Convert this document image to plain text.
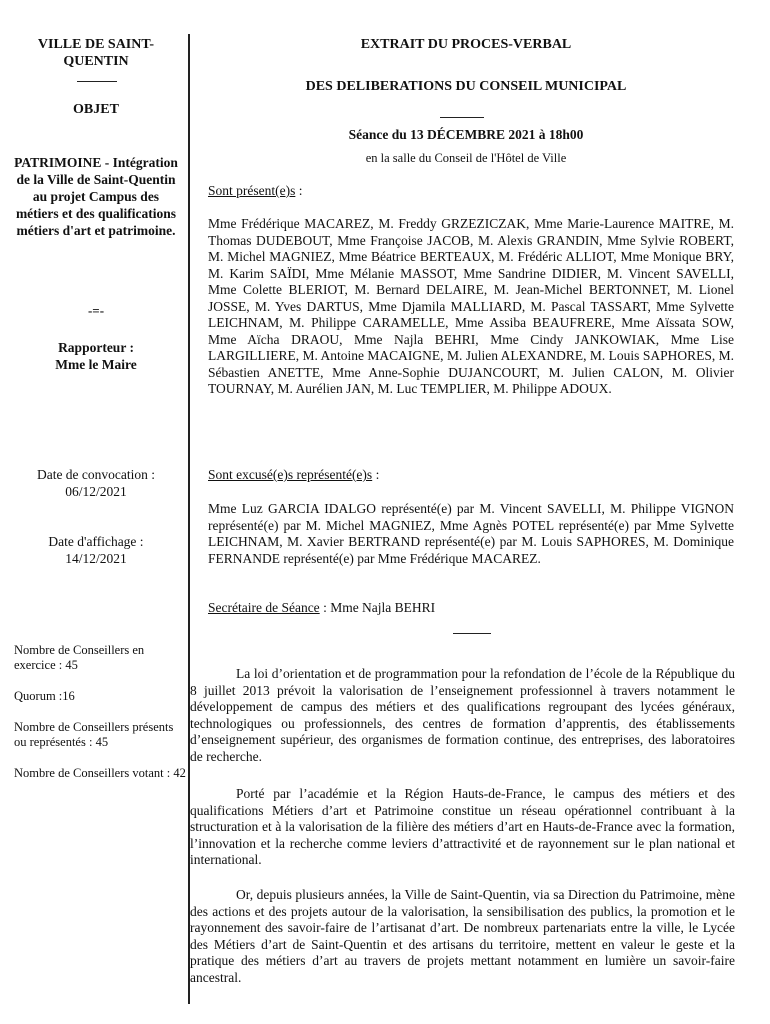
VILLE DE SAINT-QUENTIN
OBJET
PATRIMOINE - Intégration de la Ville de Saint-Quentin au projet Campus des métiers et des qualifications métiers d'art et patrimoine.
-=-
Rapporteur :
Mme le Maire
Date de convocation :
06/12/2021
Date d'affichage :
14/12/2021
Nombre de Conseillers en exercice : 45
Quorum :16
Nombre de Conseillers présents ou représentés : 45
Nombre de Conseillers votant : 42
EXTRAIT DU PROCES-VERBAL
DES DELIBERATIONS DU CONSEIL MUNICIPAL
Séance du 13 DÉCEMBRE 2021 à 18h00
en la salle du Conseil de l'Hôtel de Ville
Sont présent(e)s :
Mme Frédérique MACAREZ, M. Freddy GRZEZICZAK, Mme Marie-Laurence MAITRE, M. Thomas DUDEBOUT, Mme Françoise JACOB, M. Alexis GRANDIN, Mme Sylvie ROBERT, M. Michel MAGNIEZ, Mme Béatrice BERTEAUX, M. Frédéric ALLIOT, Mme Monique BRY, M. Karim SAÏDI, Mme Mélanie MASSOT, Mme Sandrine DIDIER, M. Vincent SAVELLI, Mme Colette BLERIOT, M. Bernard DELAIRE, M. Jean-Michel BERTONNET, M. Lionel JOSSE, M. Yves DARTUS, Mme Djamila MALLIARD, M. Pascal TASSART, Mme Sylvette LEICHNAM, M. Philippe CARAMELLE, Mme Assiba BEAUFRERE, Mme Aïssata SOW, Mme Aïcha DRAOU, Mme Najla BEHRI, Mme Cindy JANKOWIAK, Mme Lise LARGILLIERE, M. Antoine MACAIGNE, M. Julien ALEXANDRE, M. Louis SAPHORES, M. Sébastien ANETTE, Mme Anne-Sophie DUJANCOURT, M. Julien CALON, M. Olivier TOURNAY, M. Aurélien JAN, M. Luc TEMPLIER, M. Philippe ADOUX.
Sont excusé(e)s représenté(e)s :
Mme Luz GARCIA IDALGO représenté(e) par M. Vincent SAVELLI, M. Philippe VIGNON représenté(e) par M. Michel MAGNIEZ, Mme Agnès POTEL représenté(e) par Mme Sylvette LEICHNAM, M. Xavier BERTRAND représenté(e) par M. Louis SAPHORES, M. Dominique FERNANDE représenté(e) par Mme Frédérique MACAREZ.
Secrétaire de Séance : Mme Najla BEHRI
La loi d’orientation et de programmation pour la refondation de l’école de la République du 8 juillet 2013 prévoit la valorisation de l’enseignement professionnel à travers notamment le développement de campus des métiers et des qualifications regroupant des lycées généraux, technologiques ou professionnels, des centres de formation d’apprentis, des établissements d’enseignement supérieur, des organismes de formation continue, des entreprises, des laboratoires de recherche.
Porté par l’académie et la Région Hauts-de-France, le campus des métiers et des qualifications Métiers d’art et Patrimoine constitue un réseau opérationnel contribuant à la structuration et à la valorisation de la filière des métiers d’art en Hauts-de-France avec la formation, l’innovation et la recherche comme leviers d’attractivité et de rayonnement sur le plan national et international.
Or, depuis plusieurs années, la Ville de Saint-Quentin, via sa Direction du Patrimoine, mène des actions et des projets autour de la valorisation, la sensibilisation des publics, la promotion et le rayonnement des savoir-faire de l’artisanat d’art. De nombreux partenariats entre la ville, le Lycée des Métiers d’art de Saint-Quentin et des artisans du territoire, mettent en valeur le geste et la pratique des métiers d’art au travers de projets mettant notamment en lumière un savoir-faire ancestral.
